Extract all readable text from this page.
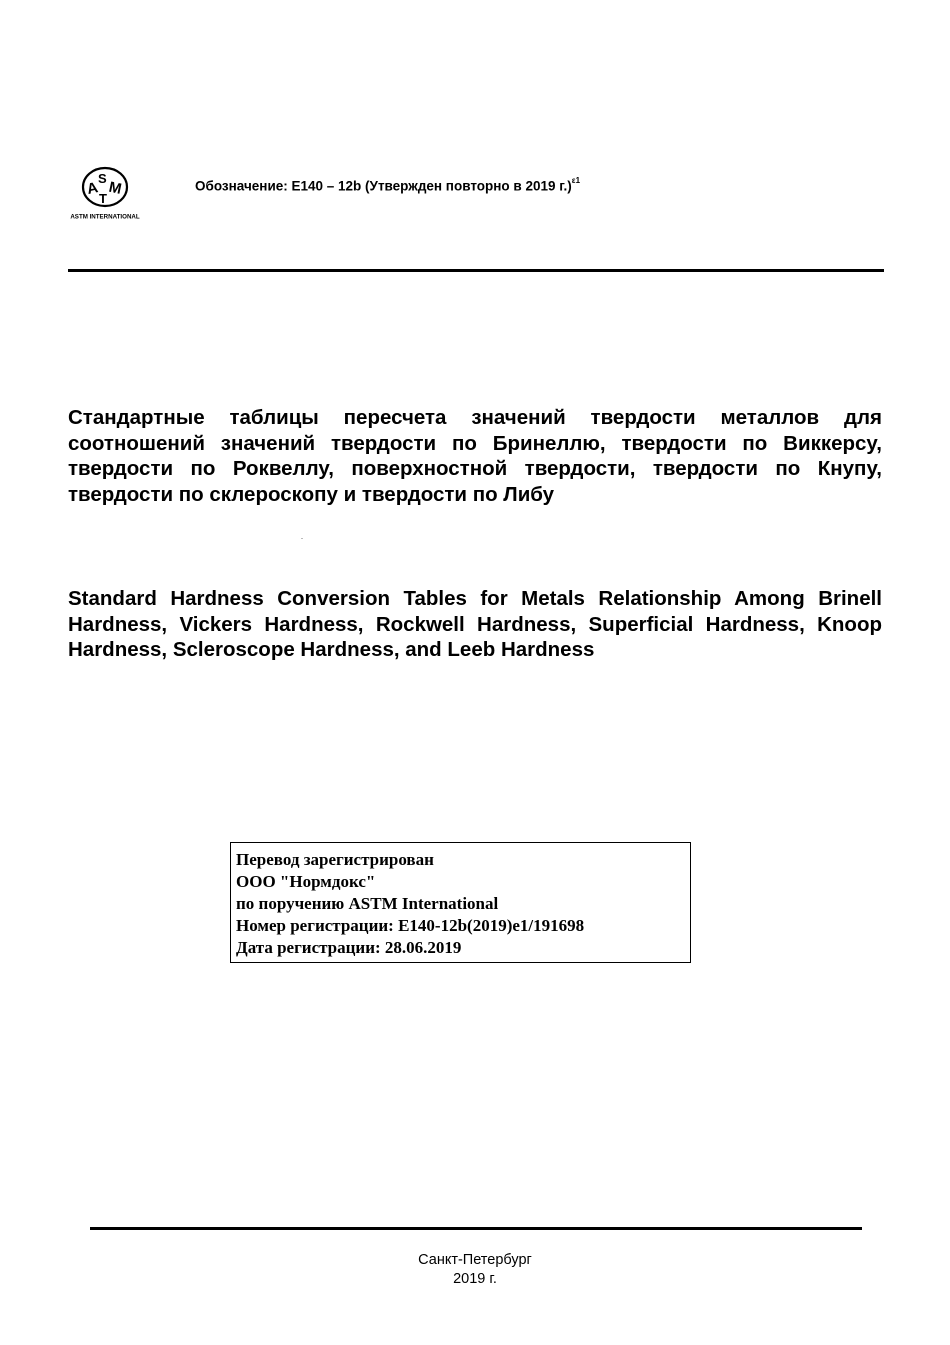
A
S
T
M
ASTM INTERNATIONAL
Обозначение: E140 – 12b (Утвержден повторно в 2019 г.)$^{\varepsilon 1}$
Стандартные таблицы пересчета значений твердости металлов для соотношений значений твердости по Бринеллю, твердости по Виккерсу, твердости по Роквеллу, поверхностной твердости, твердости по Кнупу, твердости по склероскопу и твердости по Либу
Standard Hardness Conversion Tables for Metals Relationship Among Brinell Hardness, Vickers Hardness, Rockwell Hardness, Superficial Hardness, Knoop Hardness, Scleroscope Hardness, and Leeb Hardness
Перевод зарегистрирован
ООО "Нормдокс"
по поручению ASTM International
Номер регистрации: E140-12b(2019)e1/191698
Дата регистрации: 28.06.2019
Санкт-Петербург
2019 г.
